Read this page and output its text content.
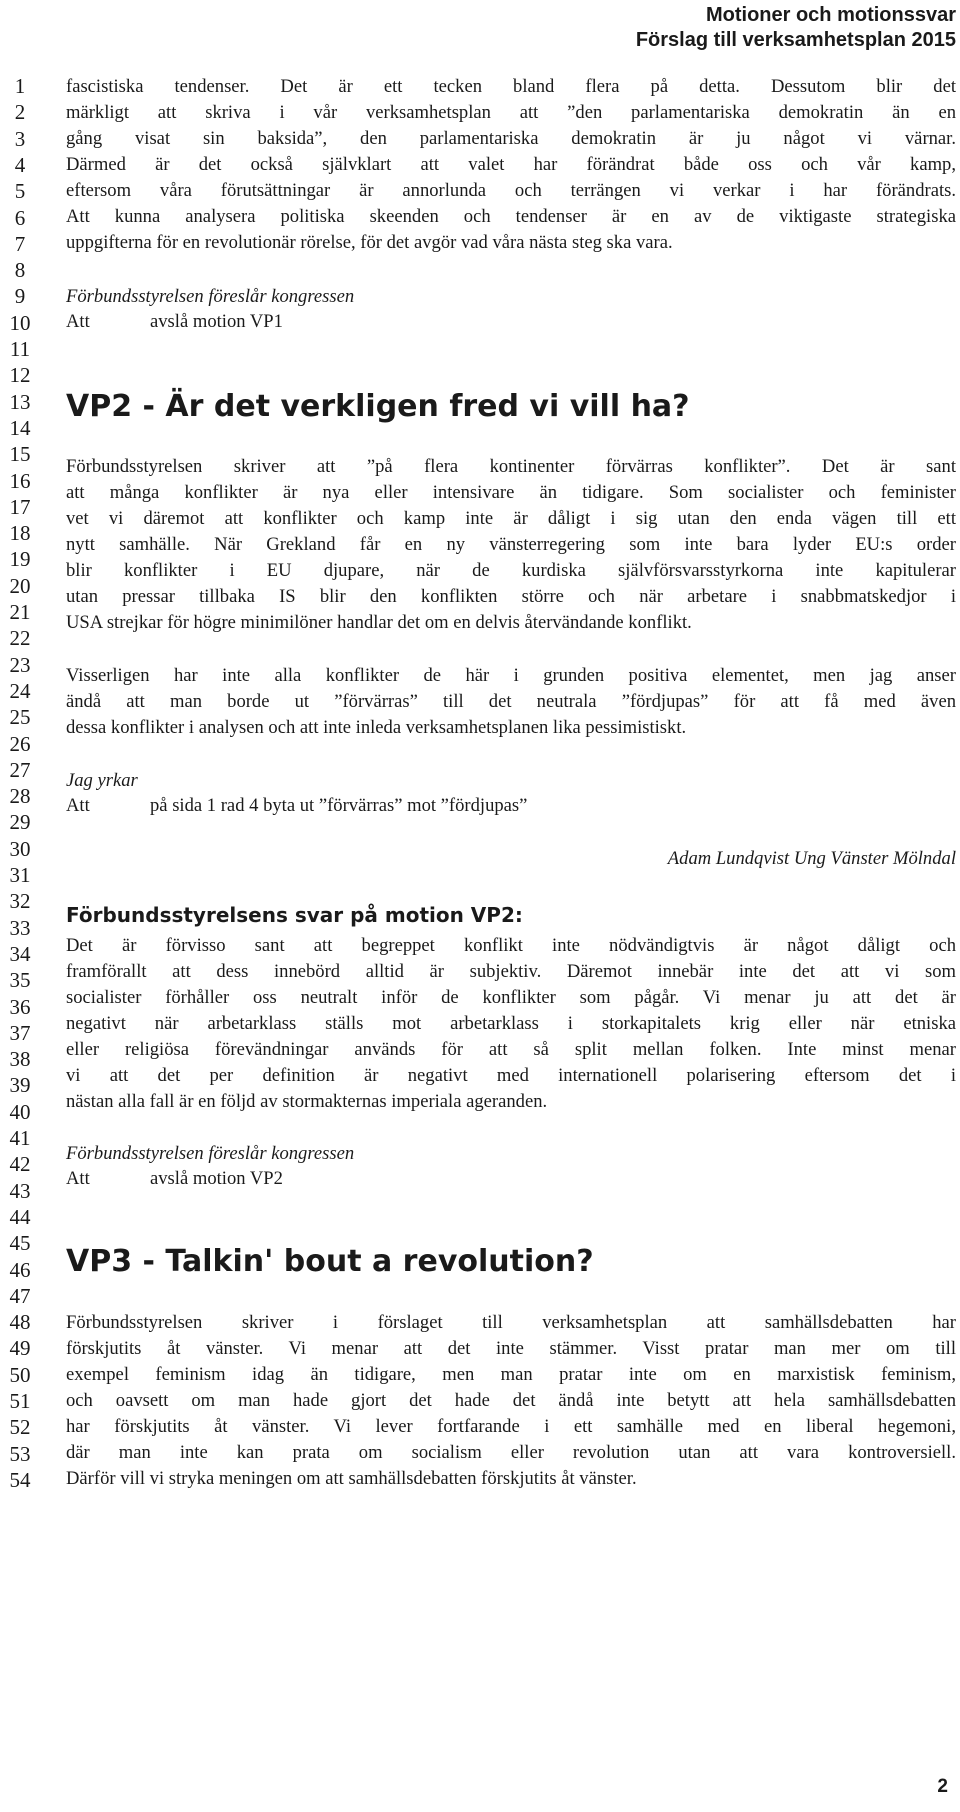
Motioner och motionssvar
Förslag till verksamhetsplan 2015
1
2
3
4
5
6
7
8
9
10
11
12
13
14
15
16
17
18
19
20
21
22
23
24
25
26
27
28
29
30
31
32
33
34
35
36
37
38
39
40
41
42
43
44
45
46
47
48
49
50
51
52
53
54
fascistiska tendenser. Det är ett tecken bland flera på detta. Dessutom blir det
märkligt att skriva i vår verksamhetsplan att ”den parlamentariska demokratin än en
gång visat sin baksida”, den parlamentariska demokratin är ju något vi värnar.
Därmed är det också självklart att valet har förändrat både oss och vår kamp,
eftersom våra förutsättningar är annorlunda och terrängen vi verkar i har förändrats.
Att kunna analysera politiska skeenden och tendenser är en av de viktigaste strategiska
uppgifterna för en revolutionär rörelse, för det avgör vad våra nästa steg ska vara.
Förbundsstyrelsen föreslår kongressen
Att	avslå motion VP1
VP2 - Är det verkligen fred vi vill ha?
Förbundsstyrelsen skriver att ”på flera kontinenter förvärras konflikter”. Det är sant
att många konflikter är nya eller intensivare än tidigare. Som socialister och feminister
vet vi däremot att konflikter och kamp inte är dåligt i sig utan den enda vägen till ett
nytt samhälle. När Grekland får en ny vänsterregering som inte bara lyder EU:s order
blir konflikter i EU djupare, när de kurdiska självförsvarsstyrkorna inte kapitulerar
utan pressar tillbaka IS blir den konflikten större och när arbetare i snabbmatskedjor i
USA strejkar för högre minimilöner handlar det om en delvis återvändande konflikt.
Visserligen har inte alla konflikter de här i grunden positiva elementet, men jag anser
ändå att man borde ut ”förvärras” till det neutrala ”fördjupas” för att få med även
dessa konflikter i analysen och att inte inleda verksamhetsplanen lika pessimistiskt.
Jag yrkar
Att	på sida 1 rad 4 byta ut ”förvärras” mot ”fördjupas”
Adam Lundqvist Ung Vänster Mölndal
Förbundsstyrelsens svar på motion VP2:
Det är förvisso sant att begreppet konflikt inte nödvändigtvis är något dåligt och
framförallt att dess innebörd alltid är subjektiv. Däremot innebär inte det att vi som
socialister förhåller oss neutralt inför de konflikter som pågår. Vi menar ju att det är
negativt när arbetarklass ställs mot arbetarklass i storkapitalets krig eller när etniska
eller religiösa förevändningar används för att så split mellan folken. Inte minst menar
vi att det per definition är negativt med internationell polarisering eftersom det i
nästan alla fall är en följd av stormakternas imperiala ageranden.
Förbundsstyrelsen föreslår kongressen
Att	avslå motion VP2
VP3 - Talkin' bout a revolution?
Förbundsstyrelsen skriver i förslaget till verksamhetsplan att samhällsdebatten har
förskjutits åt vänster. Vi menar att det inte stämmer. Visst pratar man mer om till
exempel feminism idag än tidigare, men man pratar inte om en marxistisk feminism,
och oavsett om man hade gjort det hade det ändå inte betytt att hela samhällsdebatten
har förskjutits åt vänster. Vi lever fortfarande i ett samhälle med en liberal hegemoni,
där man inte kan prata om socialism eller revolution utan att vara kontroversiell.
Därför vill vi stryka meningen om att samhällsdebatten förskjutits åt vänster.
2
